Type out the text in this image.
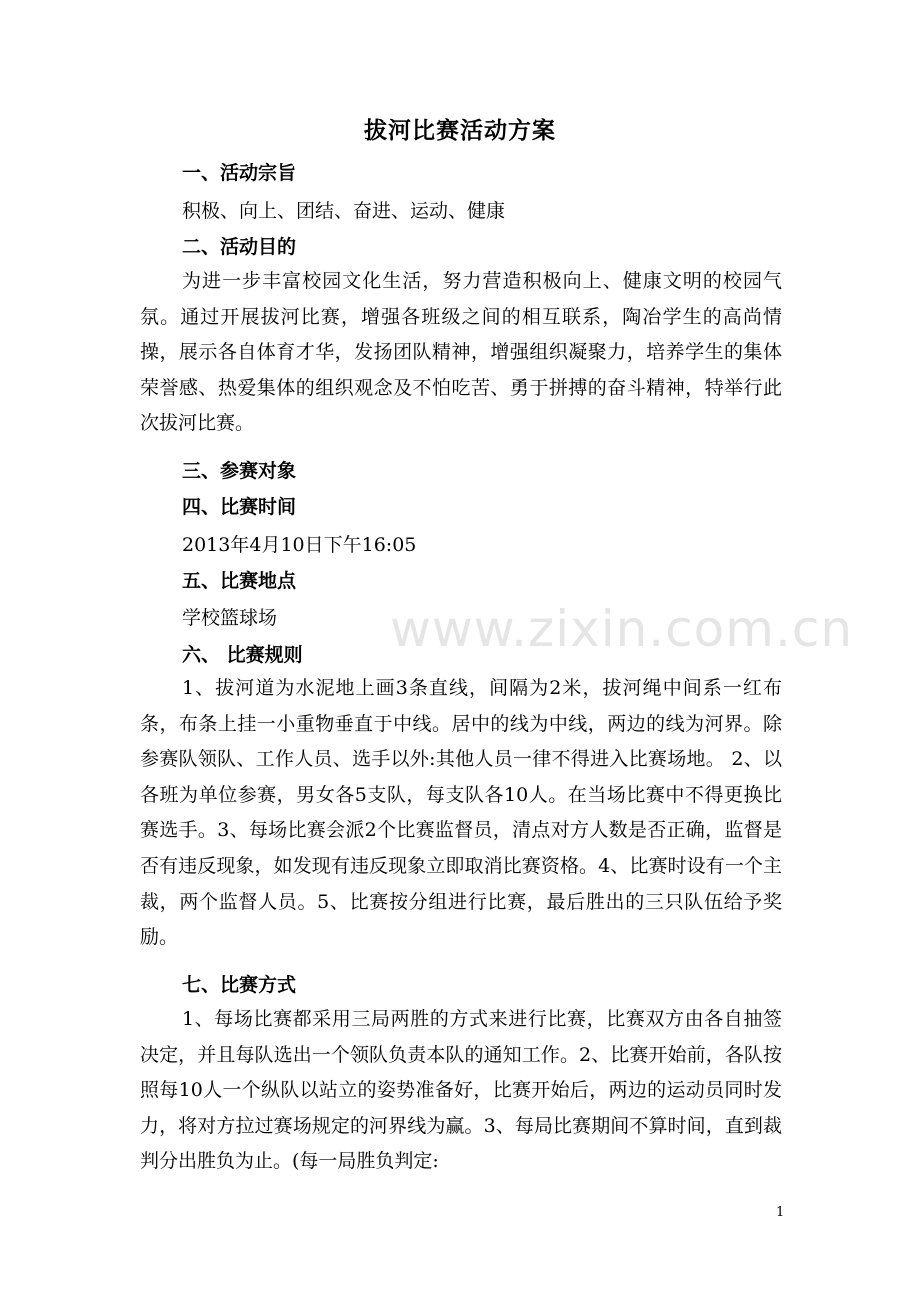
拔河比赛活动方案
一、活动宗旨
积极、向上、团结、奋进、运动、健康
二、活动目的
为进一步丰富校园文化生活，努力营造积极向上、健康文明的校园气氛。通过开展拔河比赛，增强各班级之间的相互联系，陶冶学生的高尚情操，展示各自体育才华，发扬团队精神，增强组织凝聚力，培养学生的集体荣誉感、热爱集体的组织观念及不怕吃苦、勇于拼搏的奋斗精神，特举行此次拔河比赛。
三、参赛对象
四、比赛时间
2013年4月10日下午16:05
五、比赛地点
学校篮球场
六、 比赛规则
1、拔河道为水泥地上画3条直线，间隔为2米，拔河绳中间系一红布条，布条上挂一小重物垂直于中线。居中的线为中线，两边的线为河界。除参赛队领队、工作人员、选手以外:其他人员一律不得进入比赛场地。 2、以各班为单位参赛，男女各5支队，每支队各10人。在当场比赛中不得更换比赛选手。3、每场比赛会派2个比赛监督员，清点对方人数是否正确，监督是否有违反现象，如发现有违反现象立即取消比赛资格。4、比赛时设有一个主裁，两个监督人员。5、比赛按分组进行比赛，最后胜出的三只队伍给予奖励。
七、比赛方式
1、每场比赛都采用三局两胜的方式来进行比赛，比赛双方由各自抽签决定，并且每队选出一个领队负责本队的通知工作。2、比赛开始前，各队按照每10人一个纵队以站立的姿势准备好，比赛开始后，两边的运动员同时发力，将对方拉过赛场规定的河界线为赢。3、每局比赛期间不算时间，直到裁判分出胜负为止。(每一局胜负判定:
www.zixin.com.cn
1
